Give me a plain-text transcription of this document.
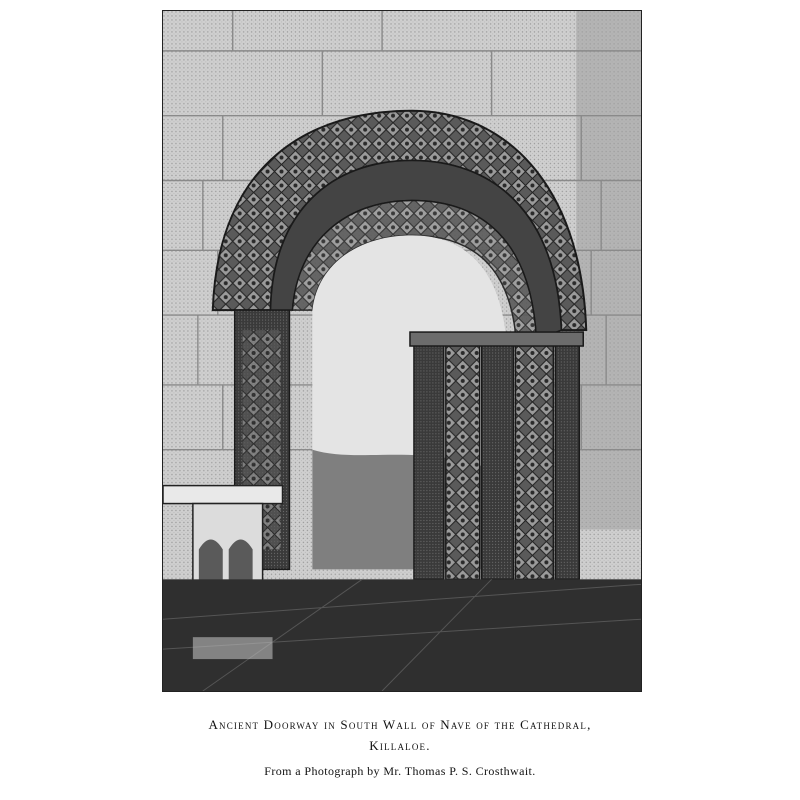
Ancient Doorway in South Wall of Nave of the Cathedral,
Killaloe.
From a Photograph by Mr. Thomas P. S. Crosthwait.
